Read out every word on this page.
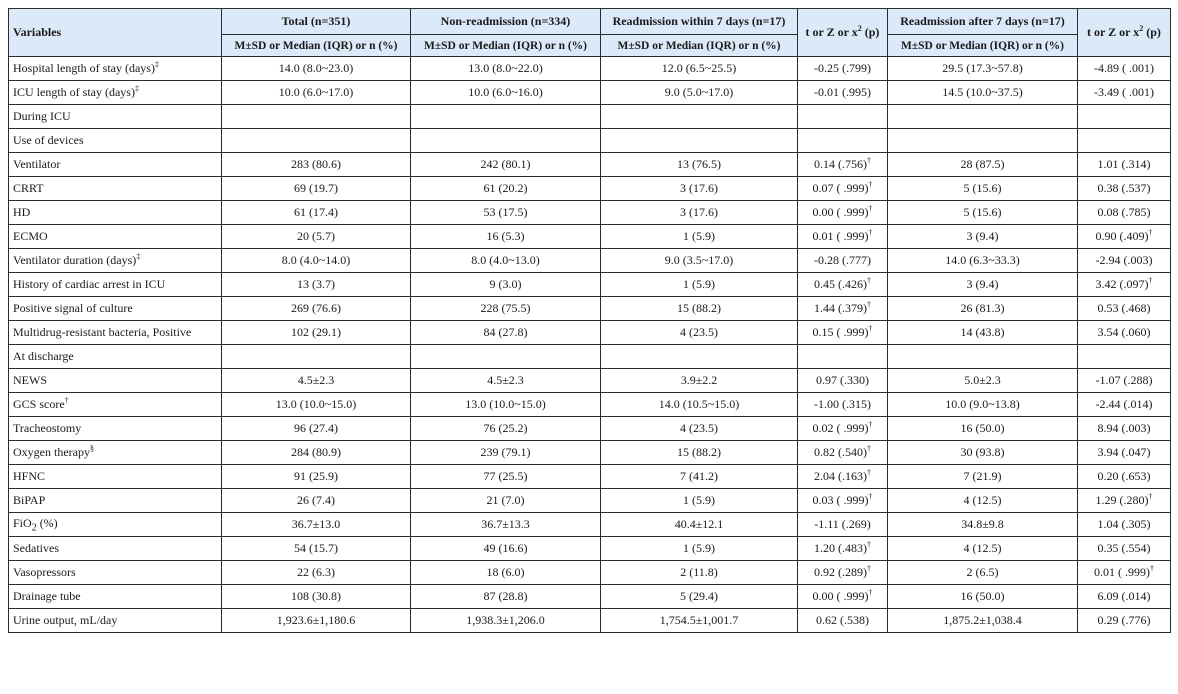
Variables	Total (n=351)	Non-readmission (n=334)	Readmission within 7 days (n=17)	t or Z or $x^2$ (p)	Readmission after 7 days (n=17)	t or Z or $x^2$ (p)
	M±SD or Median (IQR) or n (%)	M±SD or Median (IQR) or n (%)	M±SD or Median (IQR) or n (%)		M±SD or Median (IQR) or n (%)	
Hospital length of stay (days)‡	14.0 (8.0~23.0)	13.0 (8.0~22.0)	12.0 (6.5~25.5)	-0.25 (.799)	29.5 (17.3~57.8)	-4.89 ( .001)
ICU length of stay (days)‡	10.0 (6.0~17.0)	10.0 (6.0~16.0)	9.0 (5.0~17.0)	-0.01 (.995)	14.5 (10.0~37.5)	-3.49 ( .001)
During ICU						
Use of devices						
Ventilator	283 (80.6)	242 (80.1)	13 (76.5)	0.14 (.756)†	28 (87.5)	1.01 (.314)
CRRT	69 (19.7)	61 (20.2)	3 (17.6)	0.07 ( .999)†	5 (15.6)	0.38 (.537)
HD	61 (17.4)	53 (17.5)	3 (17.6)	0.00 ( .999)†	5 (15.6)	0.08 (.785)
ECMO	20 (5.7)	16 (5.3)	1 (5.9)	0.01 ( .999)†	3 (9.4)	0.90 (.409)†
Ventilator duration (days)‡	8.0 (4.0~14.0)	8.0 (4.0~13.0)	9.0 (3.5~17.0)	-0.28 (.777)	14.0 (6.3~33.3)	-2.94 (.003)
History of cardiac arrest in ICU	13 (3.7)	9 (3.0)	1 (5.9)	0.45 (.426)†	3 (9.4)	3.42 (.097)†
Positive signal of culture	269 (76.6)	228 (75.5)	15 (88.2)	1.44 (.379)†	26 (81.3)	0.53 (.468)
Multidrug-resistant bacteria, Positive	102 (29.1)	84 (27.8)	4 (23.5)	0.15 ( .999)†	14 (43.8)	3.54 (.060)
At discharge						
NEWS	4.5±2.3	4.5±2.3	3.9±2.2	0.97 (.330)	5.0±2.3	-1.07 (.288)
GCS score†	13.0 (10.0~15.0)	13.0 (10.0~15.0)	14.0 (10.5~15.0)	-1.00 (.315)	10.0 (9.0~13.8)	-2.44 (.014)
Tracheostomy	96 (27.4)	76 (25.2)	4 (23.5)	0.02 ( .999)†	16 (50.0)	8.94 (.003)
Oxygen therapy§	284 (80.9)	239 (79.1)	15 (88.2)	0.82 (.540)†	30 (93.8)	3.94 (.047)
HFNC	91 (25.9)	77 (25.5)	7 (41.2)	2.04 (.163)†	7 (21.9)	0.20 (.653)
BiPAP	26 (7.4)	21 (7.0)	1 (5.9)	0.03 ( .999)†	4 (12.5)	1.29 (.280)†
FiO$_2$ (%)	36.7±13.0	36.7±13.3	40.4±12.1	-1.11 (.269)	34.8±9.8	1.04 (.305)
Sedatives	54 (15.7)	49 (16.6)	1 (5.9)	1.20 (.483)†	4 (12.5)	0.35 (.554)
Vasopressors	22 (6.3)	18 (6.0)	2 (11.8)	0.92 (.289)†	2 (6.5)	0.01 ( .999)†
Drainage tube	108 (30.8)	87 (28.8)	5 (29.4)	0.00 ( .999)†	16 (50.0)	6.09 (.014)
Urine output, mL/day	1,923.6±1,180.6	1,938.3±1,206.0	1,754.5±1,001.7	0.62 (.538)	1,875.2±1,038.4	0.29 (.776)
